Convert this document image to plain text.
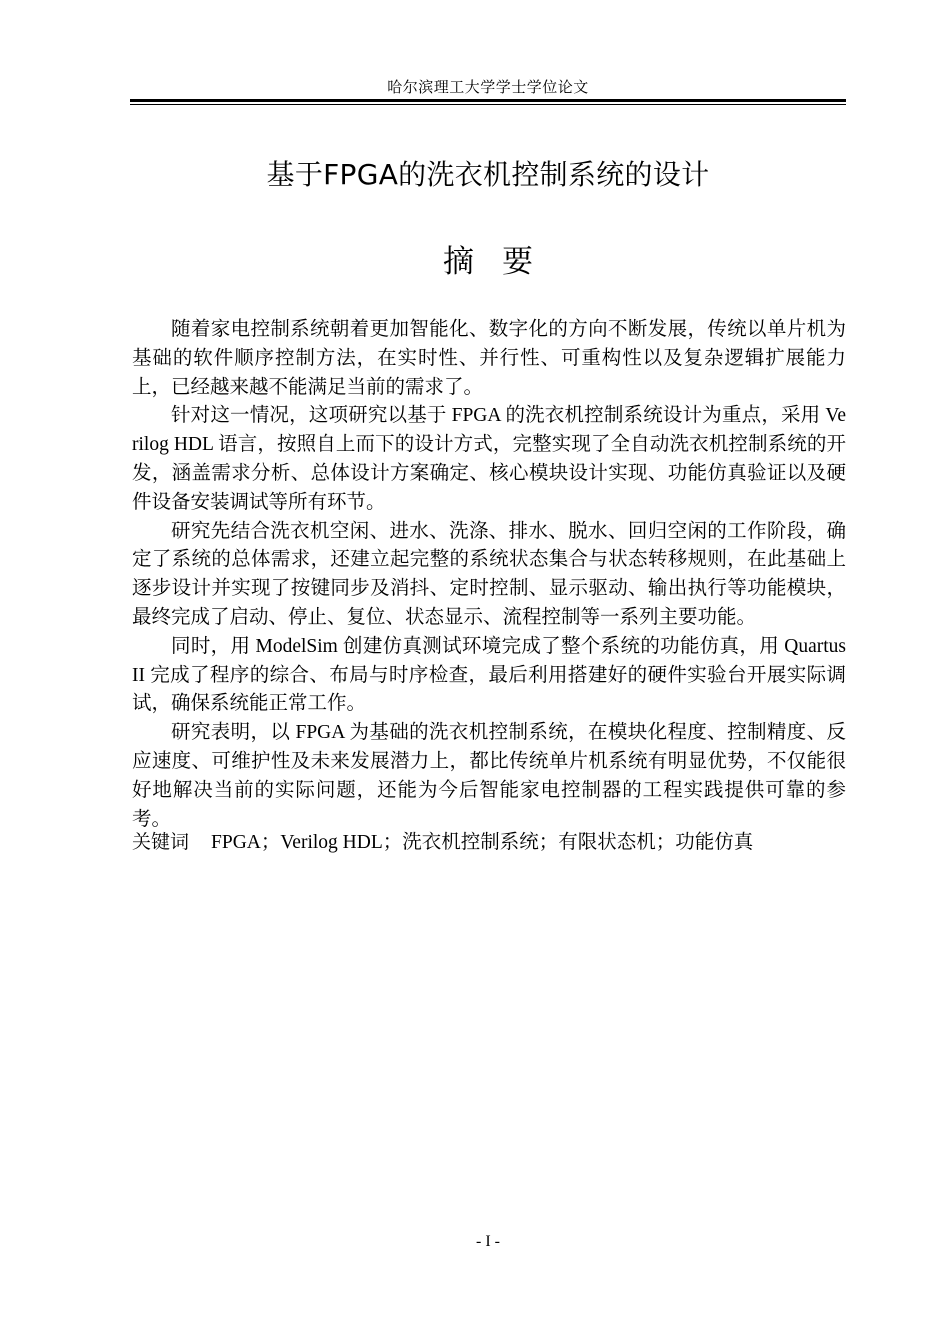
哈尔滨理工大学学士学位论文
基于FPGA的洗衣机控制系统的设计
摘要

随着家电控制系统朝着更加智能化、数字化的方向不断发展，传统以单片机为基础的软件顺序控制方法，在实时性、并行性、可重构性以及复杂逻辑扩展能力上，已经越来越不能满足当前的需求了。

针对这一情况，这项研究以基于 FPGA 的洗衣机控制系统设计为重点，采用 Verilog HDL 语言，按照自上而下的设计方式，完整实现了全自动洗衣机控制系统的开发，涵盖需求分析、总体设计方案确定、核心模块设计实现、功能仿真验证以及硬件设备安装调试等所有环节。

研究先结合洗衣机空闲、进水、洗涤、排水、脱水、回归空闲的工作阶段，确定了系统的总体需求，还建立起完整的系统状态集合与状态转移规则，在此基础上逐步设计并实现了按键同步及消抖、定时控制、显示驱动、输出执行等功能模块，最终完成了启动、停止、复位、状态显示、流程控制等一系列主要功能。

同时，用 ModelSim 创建仿真测试环境完成了整个系统的功能仿真，用 Quartus II 完成了程序的综合、布局与时序检查，最后利用搭建好的硬件实验台开展实际调试，确保系统能正常工作。

研究表明，以 FPGA 为基础的洗衣机控制系统，在模块化程度、控制精度、反应速度、可维护性及未来发展潜力上，都比传统单片机系统有明显优势，不仅能很好地解决当前的实际问题，还能为今后智能家电控制器的工程实践提供可靠的参考。

关键词 FPGA；Verilog HDL；洗衣机控制系统；有限状态机；功能仿真
- I -
